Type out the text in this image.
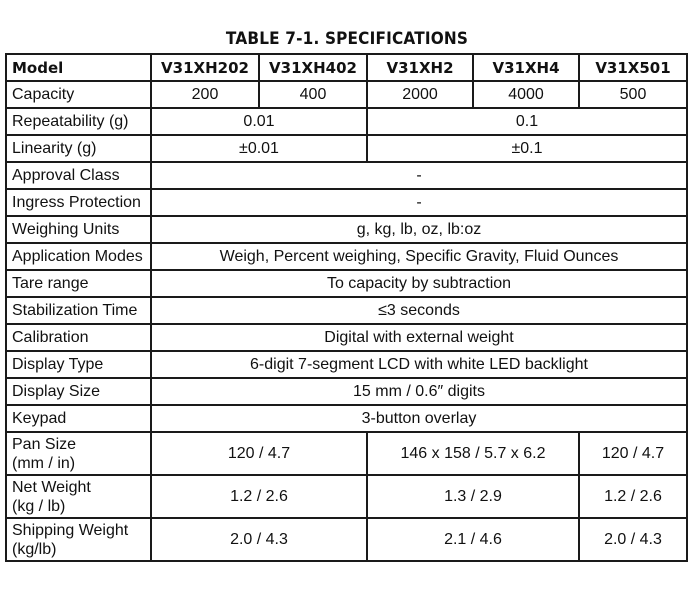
TABLE 7-1. SPECIFICATIONS
Model	V31XH202	V31XH402	V31XH2	V31XH4	V31X501
Capacity	200	400	2000	4000	500
Repeatability (g)	0.01		0.1		
Linearity (g)	±0.01		±0.1		
Approval Class	-				
Ingress Protection	-				
Weighing Units	g, kg, lb, oz, lb:oz				
Application Modes	Weigh, Percent weighing, Specific Gravity, Fluid Ounces				
Tare range	To capacity by subtraction				
Stabilization Time	≤3 seconds				
Calibration	Digital with external weight				
Display Type	6-digit 7-segment LCD with white LED backlight				
Display Size	15 mm / 0.6″ digits				
Keypad	3-button overlay				

Pan Size
(mm / in)	120 / 4.7		146 x 158 / 5.7 x 6.2		120 / 4.7

Net Weight
(kg / lb)	1.2 / 2.6		1.3 / 2.9		1.2 / 2.6

Shipping Weight
(kg/lb)	2.0 / 4.3		2.1 / 4.6		2.0 / 4.3
